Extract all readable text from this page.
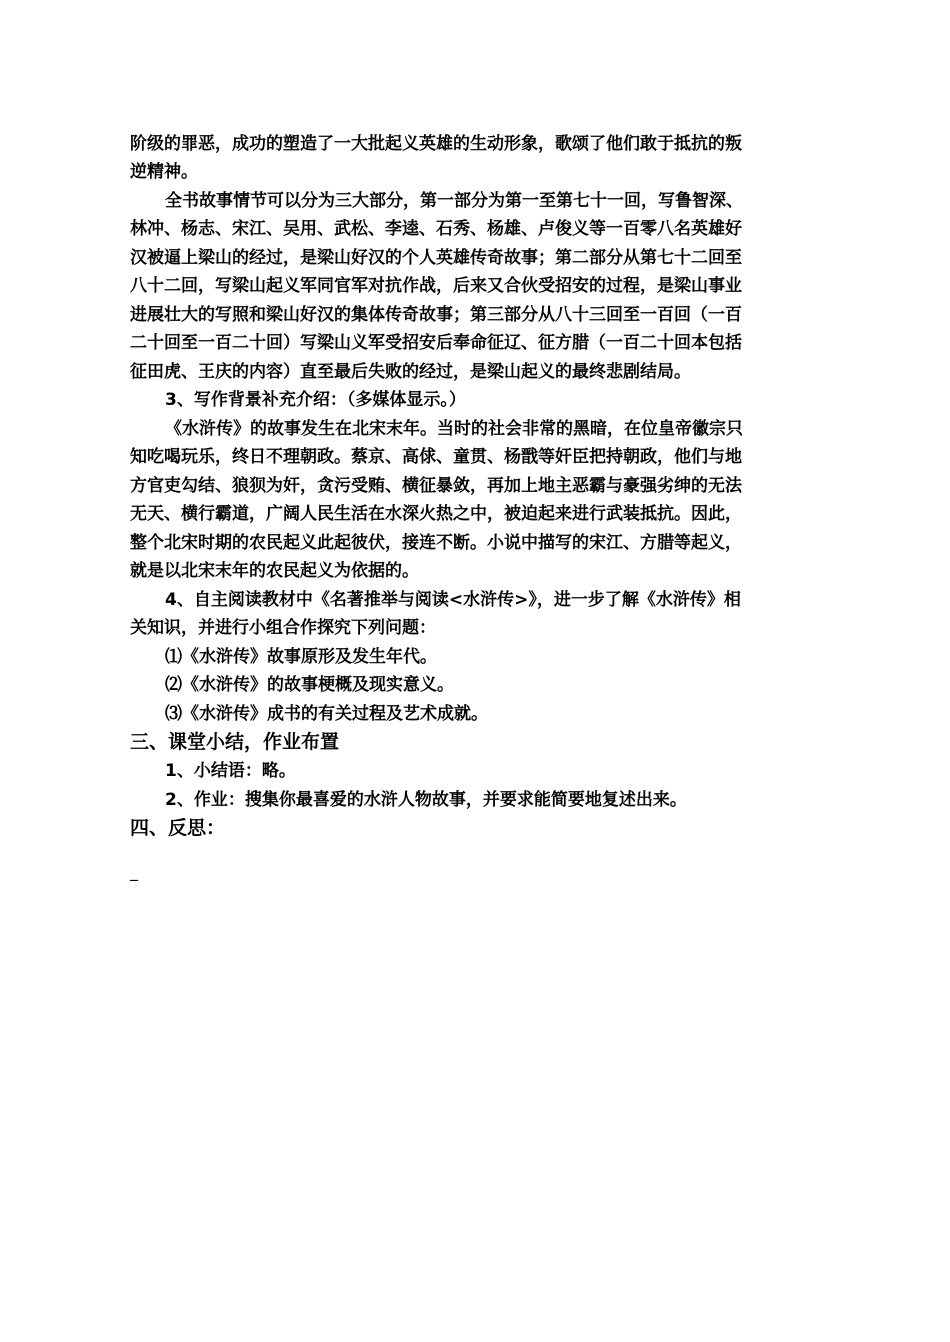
阶级的罪恶，成功的塑造了一大批起义英雄的生动形象，歌颂了他们敢于抵抗的叛
逆精神。
全书故事情节可以分为三大部分，第一部分为第一至第七十一回，写鲁智深、
林冲、杨志、宋江、吴用、武松、李逵、石秀、杨雄、卢俊义等一百零八名英雄好
汉被逼上梁山的经过，是梁山好汉的个人英雄传奇故事；第二部分从第七十二回至
八十二回，写梁山起义军同官军对抗作战，后来又合伙受招安的过程，是梁山事业
进展壮大的写照和梁山好汉的集体传奇故事；第三部分从八十三回至一百回（一百
二十回至一百二十回）写梁山义军受招安后奉命征辽、征方腊（一百二十回本包括
征田虎、王庆的内容）直至最后失败的经过，是梁山起义的最终悲剧结局。
3、写作背景补充介绍：（多媒体显示。）
《水浒传》的故事发生在北宋末年。当时的社会非常的黑暗，在位皇帝徽宗只
知吃喝玩乐，终日不理朝政。蔡京、高俅、童贯、杨戬等奸臣把持朝政，他们与地
方官吏勾结、狼狈为奸，贪污受贿、横征暴敛，再加上地主恶霸与豪强劣绅的无法
无天、横行霸道，广阔人民生活在水深火热之中，被迫起来进行武装抵抗。因此，
整个北宋时期的农民起义此起彼伏，接连不断。小说中描写的宋江、方腊等起义，
就是以北宋末年的农民起义为依据的。
4、自主阅读教材中《名著推举与阅读<水浒传>》，进一步了解《水浒传》相
关知识，并进行小组合作探究下列问题：
⑴《水浒传》故事原形及发生年代。
⑵《水浒传》的故事梗概及现实意义。
⑶《水浒传》成书的有关过程及艺术成就。
三、课堂小结，作业布置
1、小结语：略。
2、作业：搜集你最喜爱的水浒人物故事，并要求能简要地复述出来。
四、反思：
_
